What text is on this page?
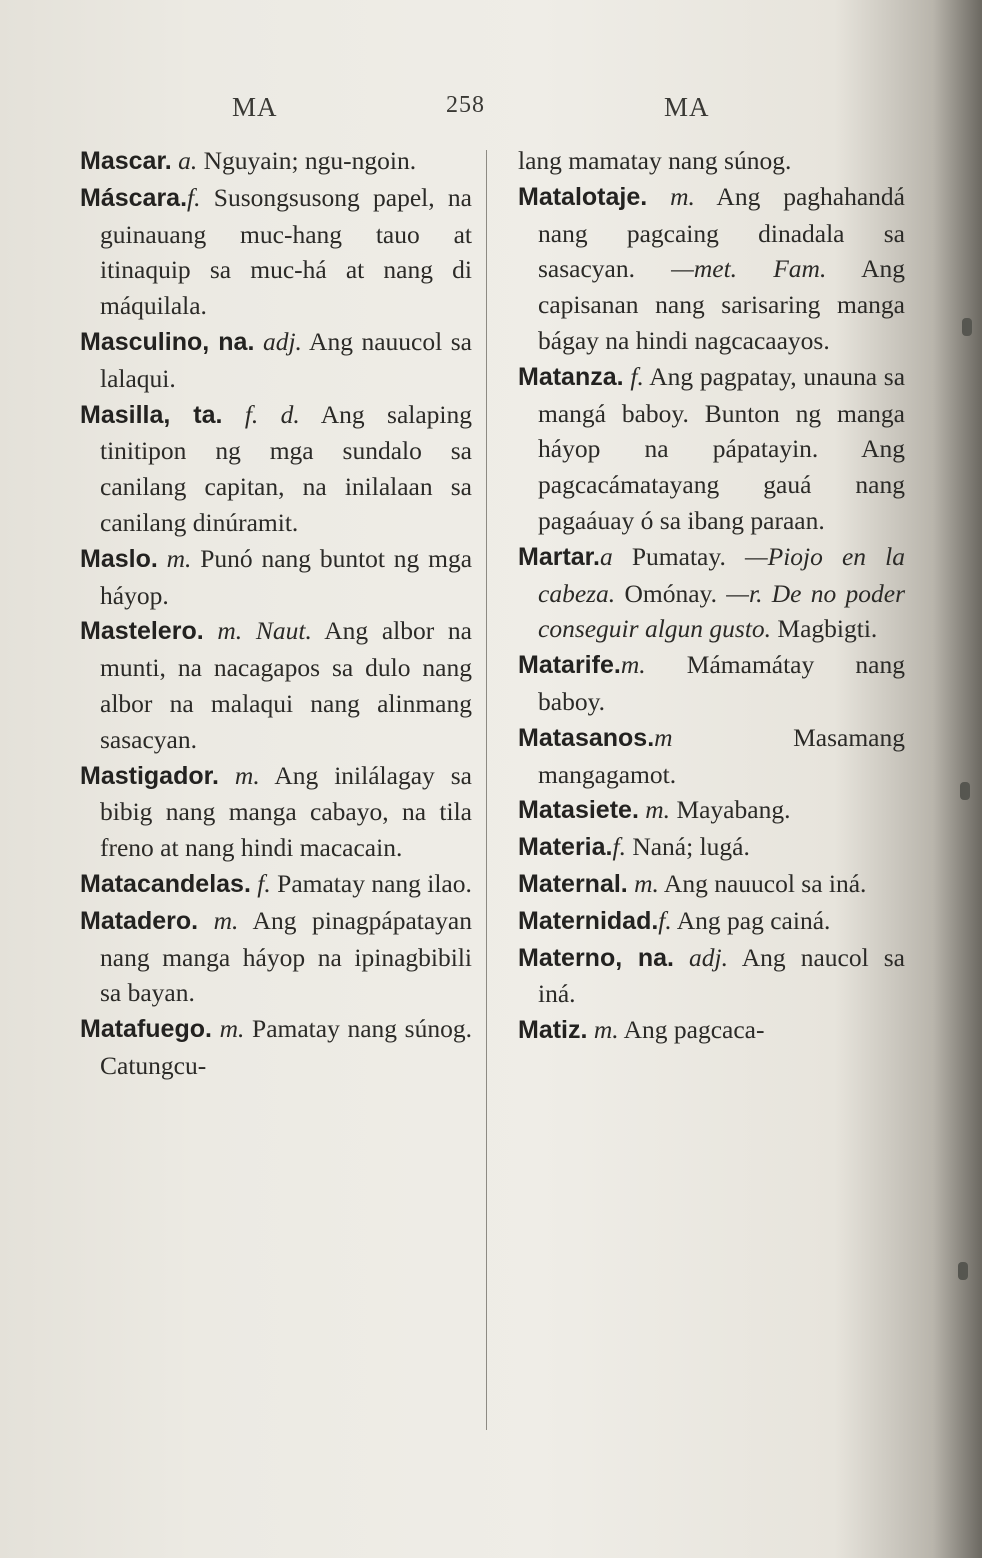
MA	258	MA

Mascar. a. Nguyain; ngu-ngoin.

Máscara.f. Susongsusong papel, na guinauang muc-hang tauo at itinaquip sa muc-há at nang di máquilala.

Masculino, na. adj. Ang nauucol sa lalaqui.

Masilla, ta. f. d. Ang salaping tinitipon ng mga sundalo sa canilang capitan, na inilalaan sa canilang dinúramit.

Maslo. m. Punó nang buntot ng mga háyop.

Mastelero. m. Naut. Ang albor na munti, na nacagapos sa dulo nang albor na malaqui nang alinmang sasacyan.

Mastigador. m. Ang inilálagay sa bibig nang manga cabayo, na tila freno at nang hindi macacain.

Matacandelas. f. Pamatay nang ilao.

Matadero. m. Ang pinagpápatayan nang manga háyop na ipinagbibili sa bayan.

Matafuego. m. Pamatay nang súnog. Catungcu-

lang mamatay nang súnog.

Matalotaje. m. Ang paghahandá nang pagcaing dinadala sa sasacyan. —met. Fam. Ang capisanan nang sarisaring manga bágay na hindi nagcacaayos.

Matanza. f. Ang pagpatay, unauna sa mangá baboy. Bunton ng manga háyop na pápatayin. Ang pagcacámatayang gauá nang pagaáuay ó sa ibang paraan.

Martar.a Pumatay. —Piojo en la cabeza. Omónay. —r. De no poder conseguir algun gusto. Magbigti.

Matarife.m. Mámamátay nang baboy.

Matasanos.m	Masamang mangagamot.

Matasiete. m. Mayabang.

Materia.f. Naná; lugá.

Maternal. m. Ang nauucol sa iná.

Maternidad.f. Ang pag cainá.

Materno, na. adj. Ang naucol sa iná.

Matiz. m. Ang pagcaca-
